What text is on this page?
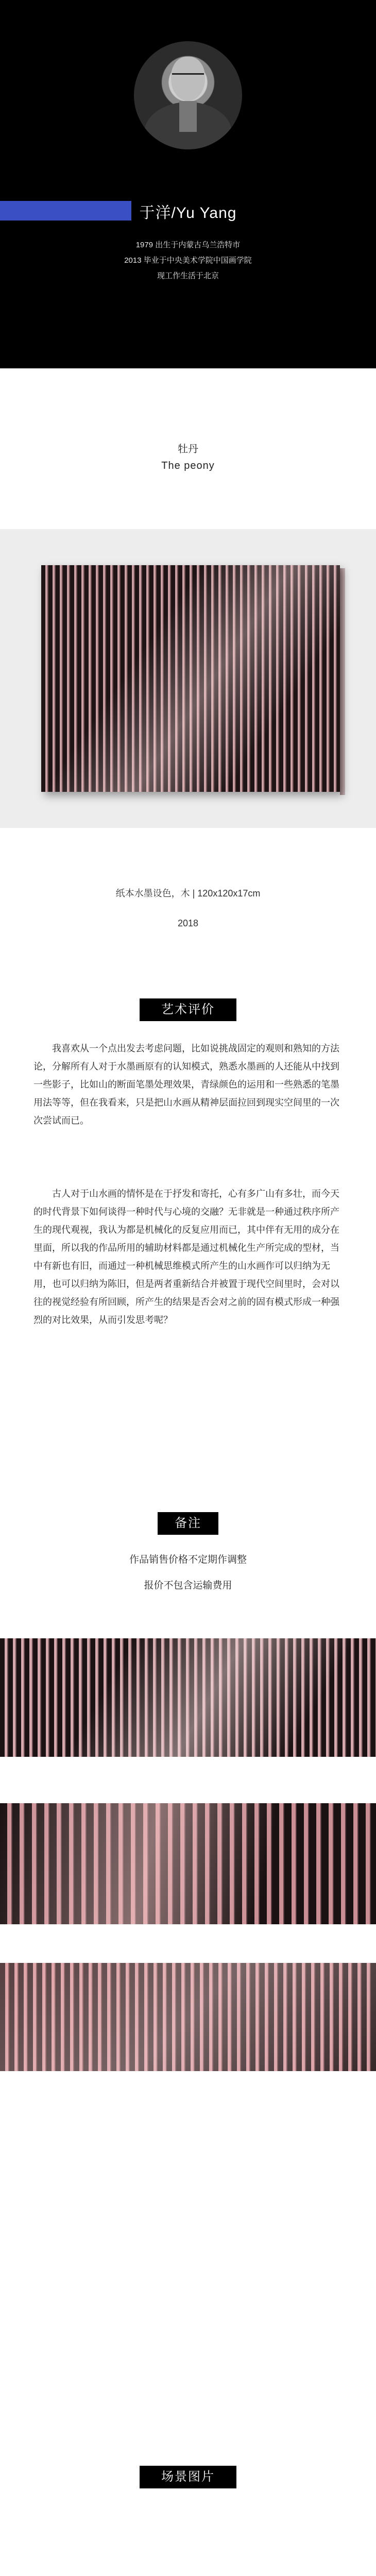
于洋/Yu Yang
1979 出生于内蒙古乌兰浩特市
2013 毕业于中央美术学院中国画学院
现工作生活于北京
牡丹
The peony
纸本水墨设色，木 | 120x120x17cm
2018
艺术评价

我喜欢从一个点出发去考虑问题，比如说挑战固定的观则和熟知的方法论，分解所有人对于水墨画原有的认知模式，熟悉水墨画的人还能从中找到一些影子，比如山的断面笔墨处理效果，青绿颜色的运用和一些熟悉的笔墨用法等等，但在我看来，只是把山水画从精神层面拉回到现实空间里的一次次尝试而已。

古人对于山水画的情怀是在于抒发和寄托，心有多广山有多壮，而今天的时代背景下如何谈得一种时代与心境的交融？无非就是一种通过秩序所产生的现代观视，我认为都是机械化的反复应用而已，其中伴有无用的成分在里面，所以我的作品所用的辅助材料都是通过机械化生产所完成的型材，当中有新也有旧，而通过一种机械思维模式所产生的山水画作可以归纳为无用，也可以归纳为陈旧，但是两者重新结合并被置于现代空间里时，会对以往的视觉经验有所回顾，所产生的结果是否会对之前的固有模式形成一种强烈的对比效果，从而引发思考呢？

备注
作品销售价格不定期作调整
报价不包含运输费用
场景图片
